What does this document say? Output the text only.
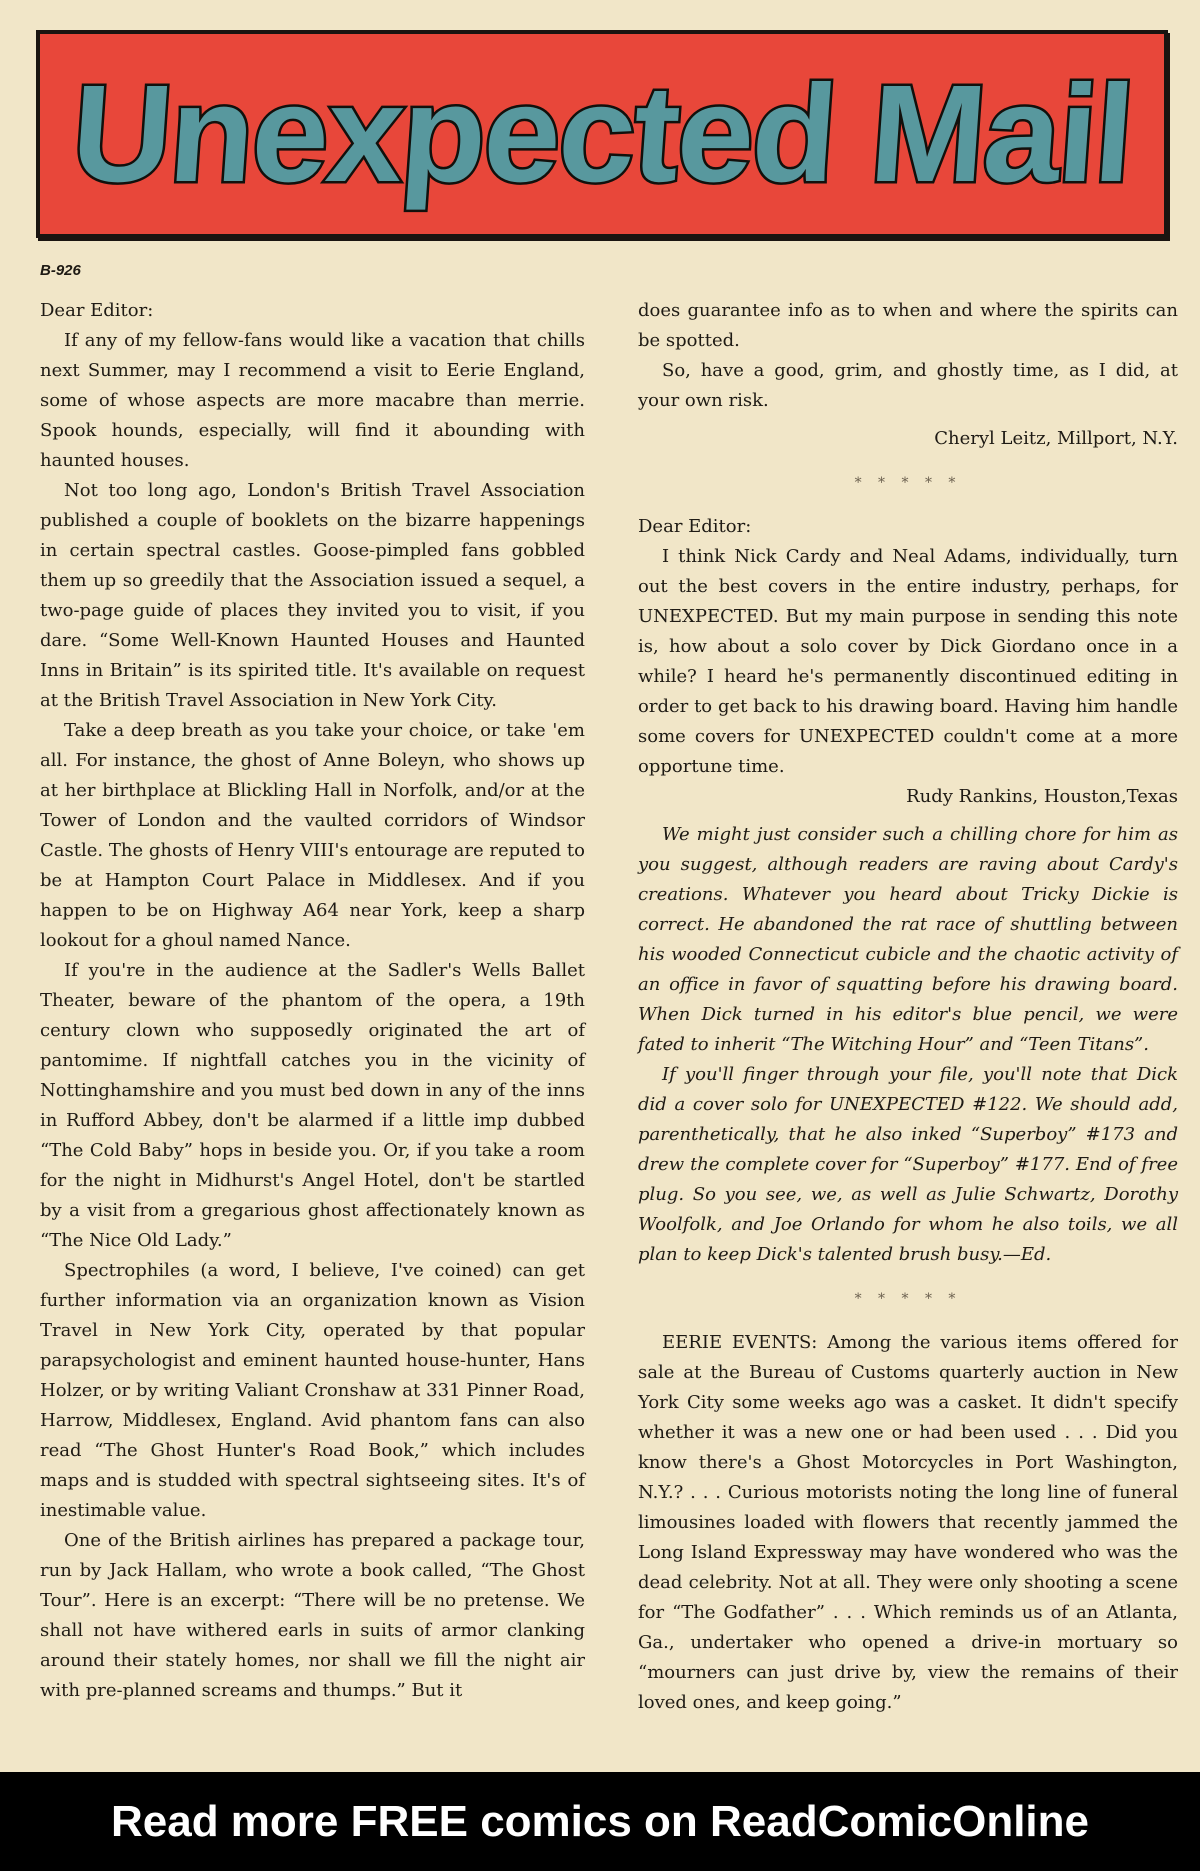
Unexpected Mail
B-926

Dear Editor:

If any of my fellow-fans would like a vacation that chills next Summer, may I recommend a visit to Eerie England, some of whose aspects are more macabre than merrie. Spook hounds, especially, will find it abounding with haunted houses.

Not too long ago, London's British Travel Association published a couple of booklets on the bizarre happenings in certain spectral castles. Goose-pimpled fans gobbled them up so greedily that the Association issued a sequel, a two-page guide of places they invited you to visit, if you dare. “Some Well-Known Haunted Houses and Haunted Inns in Britain” is its spirited title. It's available on request at the British Travel Association in New York City.

Take a deep breath as you take your choice, or take 'em all. For instance, the ghost of Anne Boleyn, who shows up at her birthplace at Blickling Hall in Norfolk, and/or at the Tower of London and the vaulted corridors of Windsor Castle. The ghosts of Henry VIII's entourage are reputed to be at Hampton Court Palace in Middlesex. And if you happen to be on Highway A64 near York, keep a sharp lookout for a ghoul named Nance.

If you're in the audience at the Sadler's Wells Ballet Theater, beware of the phantom of the opera, a 19th century clown who supposedly originated the art of pantomime. If nightfall catches you in the vicinity of Nottinghamshire and you must bed down in any of the inns in Rufford Abbey, don't be alarmed if a little imp dubbed “The Cold Baby” hops in beside you. Or, if you take a room for the night in Midhurst's Angel Hotel, don't be startled by a visit from a gregarious ghost affectionately known as “The Nice Old Lady.”

Spectrophiles (a word, I believe, I've coined) can get further information via an organization known as Vision Travel in New York City, operated by that popular parapsychologist and eminent haunted house-hunter, Hans Holzer, or by writing Valiant Cronshaw at 331 Pinner Road, Harrow, Middlesex, England. Avid phantom fans can also read “The Ghost Hunter's Road Book,” which includes maps and is studded with spectral sightseeing sites. It's of inestimable value.

One of the British airlines has prepared a package tour, run by Jack Hallam, who wrote a book called, “The Ghost Tour”. Here is an excerpt: “There will be no pretense. We shall not have withered earls in suits of armor clanking around their stately homes, nor shall we fill the night air with pre-planned screams and thumps.” But it

does guarantee info as to when and where the spirits can be spotted.

So, have a good, grim, and ghostly time, as I did, at your own risk.

Cheryl Leitz, Millport, N.Y.

* * * * *

Dear Editor:

I think Nick Cardy and Neal Adams, individually, turn out the best covers in the entire industry, perhaps, for UNEXPECTED. But my main purpose in sending this note is, how about a solo cover by Dick Giordano once in a while? I heard he's permanently discontinued editing in order to get back to his drawing board. Having him handle some covers for UNEXPECTED couldn't come at a more opportune time.

Rudy Rankins, Houston,Texas

We might just consider such a chilling chore for him as you suggest, although readers are raving about Cardy's creations. Whatever you heard about Tricky Dickie is correct. He abandoned the rat race of shuttling between his wooded Connecticut cubicle and the chaotic activity of an office in favor of squatting before his drawing board. When Dick turned in his editor's blue pencil, we were fated to inherit “The Witching Hour” and “Teen Titans”.

If you'll finger through your file, you'll note that Dick did a cover solo for UNEXPECTED #122. We should add, parenthetically, that he also inked “Superboy” #173 and drew the complete cover for “Superboy” #177. End of free plug. So you see, we, as well as Julie Schwartz, Dorothy Woolfolk, and Joe Orlando for whom he also toils, we all plan to keep Dick's talented brush busy.—Ed.

* * * * *

EERIE EVENTS: Among the various items offered for sale at the Bureau of Customs quarterly auction in New York City some weeks ago was a casket. It didn't specify whether it was a new one or had been used . . . Did you know there's a Ghost Motorcycles in Port Washington, N.Y.? . . . Curious motorists noting the long line of funeral limousines loaded with flowers that recently jammed the Long Island Expressway may have wondered who was the dead celebrity. Not at all. They were only shooting a scene for “The Godfather” . . . Which reminds us of an Atlanta, Ga., undertaker who opened a drive-in mortuary so “mourners can just drive by, view the remains of their loved ones, and keep going.”

Read more FREE comics on ReadComicOnline
